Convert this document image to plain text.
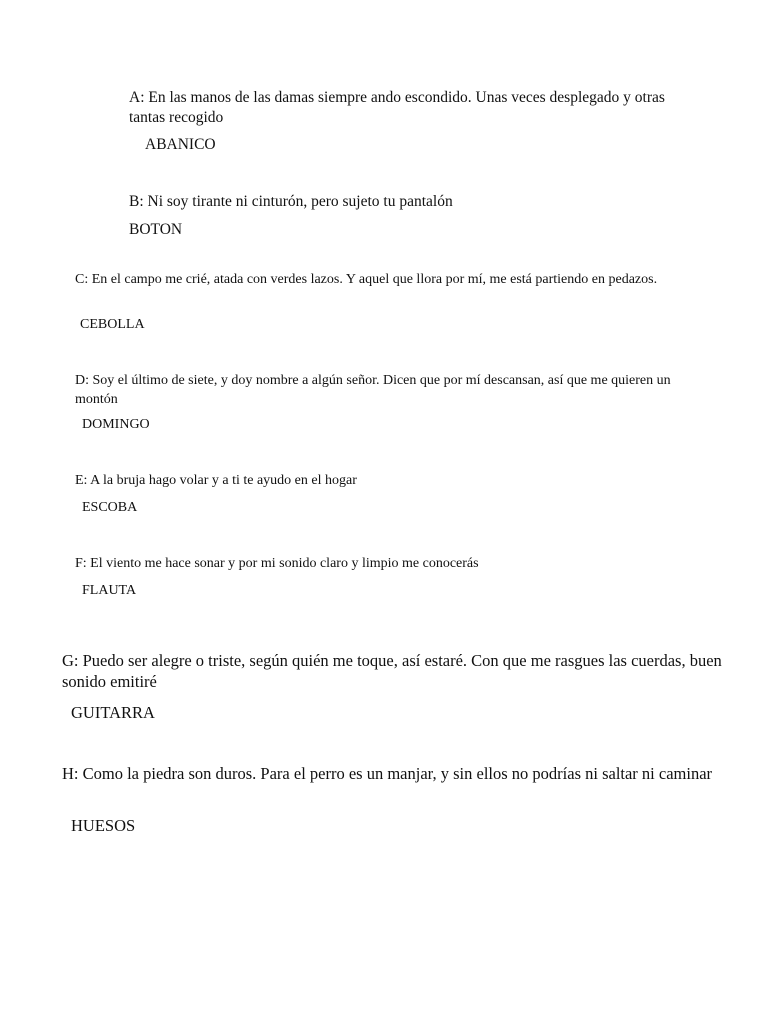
A: En las manos de las damas siempre ando escondido. Unas veces desplegado y otras tantas recogido

ABANICO

B: Ni soy tirante ni cinturón, pero sujeto tu pantalón

BOTON

C: En el campo me crié, atada con verdes lazos. Y aquel que llora por mí, me está partiendo en pedazos.

CEBOLLA

D: Soy el último de siete, y doy nombre a algún señor. Dicen que por mí descansan, así que me quieren un montón

DOMINGO

E: A la bruja hago volar y a ti te ayudo en el hogar

ESCOBA

F: El viento me hace sonar y por mi sonido claro y limpio me conocerás

FLAUTA

G: Puedo ser alegre o triste, según quién me toque, así estaré. Con que me rasgues las cuerdas, buen sonido emitiré

GUITARRA

H: Como la piedra son duros. Para el perro es un manjar, y sin ellos no podrías ni saltar ni caminar

HUESOS
